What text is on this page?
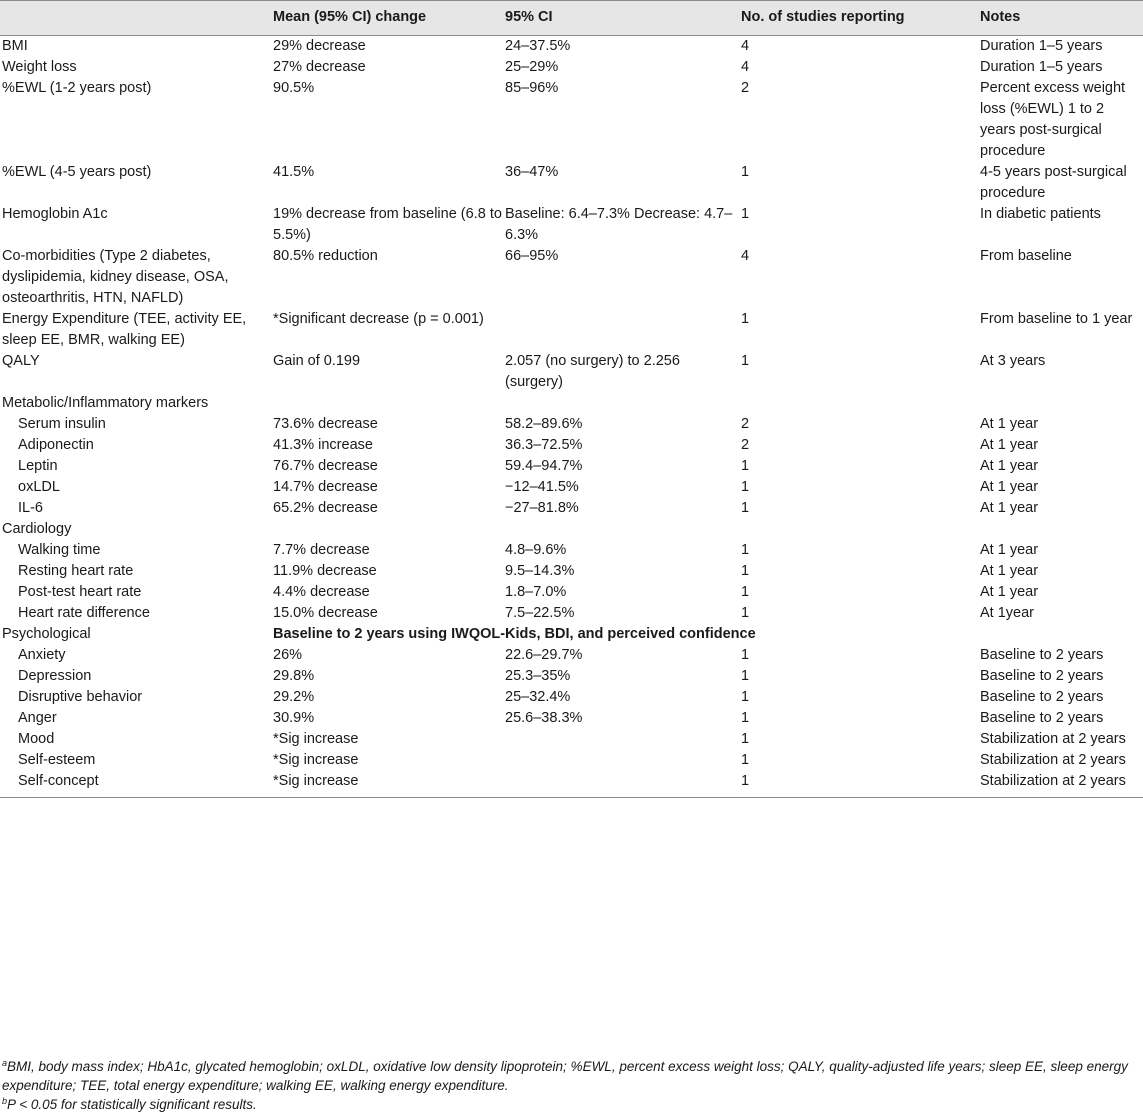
	Mean (95% CI) change	95% CI	No. of studies reporting	Notes
BMI	29% decrease	24–37.5%	4	Duration 1–5 years
Weight loss	27% decrease	25–29%	4	Duration 1–5 years
%EWL (1-2 years post)	90.5%	85–96%	2	Percent excess weight loss (%EWL) 1 to 2 years post-surgical procedure
%EWL (4-5 years post)	41.5%	36–47%	1	4-5 years post-surgical procedure
Hemoglobin A1c	19% decrease from baseline (6.8 to 5.5%)	Baseline: 6.4–7.3% Decrease: 4.7–6.3%	1	In diabetic patients
Co-morbidities (Type 2 diabetes, dyslipidemia, kidney disease, OSA, osteoarthritis, HTN, NAFLD)	80.5% reduction	66–95%	4	From baseline
Energy Expenditure (TEE, activity EE, sleep EE, BMR, walking EE)	*Significant decrease (p = 0.001)		1	From baseline to 1 year
QALY	Gain of 0.199	2.057 (no surgery) to 2.256 (surgery)	1	At 3 years
Metabolic/Inflammatory markers				
Serum insulin	73.6% decrease	58.2–89.6%	2	At 1 year
Adiponectin	41.3% increase	36.3–72.5%	2	At 1 year
Leptin	76.7% decrease	59.4–94.7%	1	At 1 year
oxLDL	14.7% decrease	−12–41.5%	1	At 1 year
IL-6	65.2% decrease	−27–81.8%	1	At 1 year
Cardiology				
Walking time	7.7% decrease	4.8–9.6%	1	At 1 year
Resting heart rate	11.9% decrease	9.5–14.3%	1	At 1 year
Post-test heart rate	4.4% decrease	1.8–7.0%	1	At 1 year
Heart rate difference	15.0% decrease	7.5–22.5%	1	At 1year
Psychological	Baseline to 2 years using IWQOL-Kids, BDI, and perceived confidence			
Anxiety	26%	22.6–29.7%	1	Baseline to 2 years
Depression	29.8%	25.3–35%	1	Baseline to 2 years
Disruptive behavior	29.2%	25–32.4%	1	Baseline to 2 years
Anger	30.9%	25.6–38.3%	1	Baseline to 2 years
Mood	*Sig increase		1	Stabilization at 2 years
Self-esteem	*Sig increase		1	Stabilization at 2 years
Self-concept	*Sig increase		1	Stabilization at 2 years

$^a$BMI, body mass index; HbA1c, glycated hemoglobin; oxLDL, oxidative low density lipoprotein; %EWL, percent excess weight loss; QALY, quality-adjusted life years; sleep EE, sleep energy expenditure; TEE, total energy expenditure; walking EE, walking energy expenditure.

$^b$P < 0.05 for statistically significant results.
